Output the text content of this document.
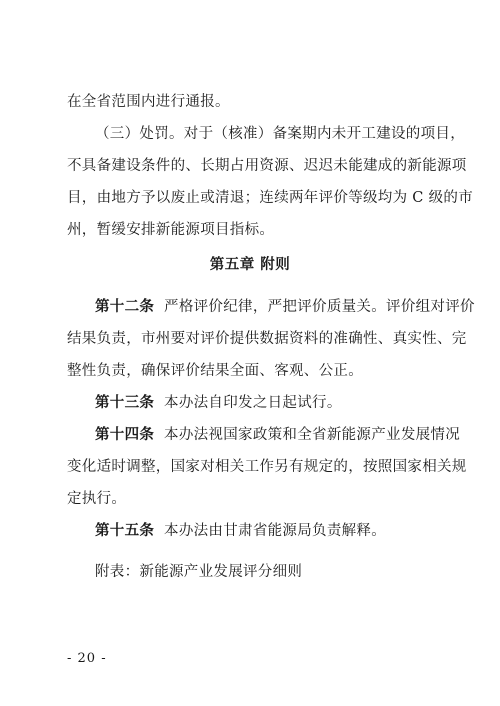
在全省范围内进行通报。
（三）处罚。对于（核准）备案期内未开工建设的项目，
不具备建设条件的、长期占用资源、迟迟未能建成的新能源项
目，由地方予以废止或清退；连续两年评价等级均为 C 级的市
州，暂缓安排新能源项目指标。
第五章 附则
第十二条 严格评价纪律，严把评价质量关。评价组对评价
结果负责，市州要对评价提供数据资料的准确性、真实性、完
整性负责，确保评价结果全面、客观、公正。
第十三条 本办法自印发之日起试行。
第十四条 本办法视国家政策和全省新能源产业发展情况
变化适时调整，国家对相关工作另有规定的，按照国家相关规
定执行。
第十五条 本办法由甘肃省能源局负责解释。
附表：新能源产业发展评分细则
- 20 -
